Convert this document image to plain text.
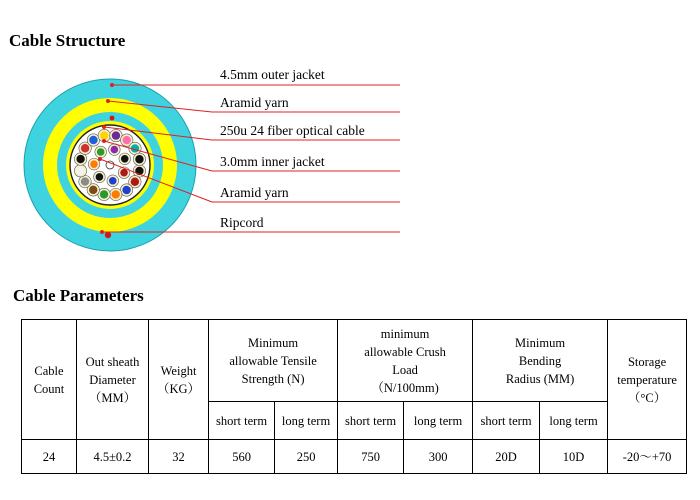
Cable Structure
4.5mm outer jacket
Aramid yarn
250u 24 fiber optical cable
3.0mm inner jacket
Aramid yarn
Ripcord
Cable Parameters
Cable Count	Out sheath Diameter （MM）	Weight （KG）	Minimum allowable Tensile Strength (N)		minimum allowable Crush Load （N/100mm)		Minimum Bending Radius (MM)		Storage temperature （°C）
			short term	long term	short term	long term	short term	long term	
24	4.5±0.2	32	560	250	750	300	20D	10D	-20～+70
